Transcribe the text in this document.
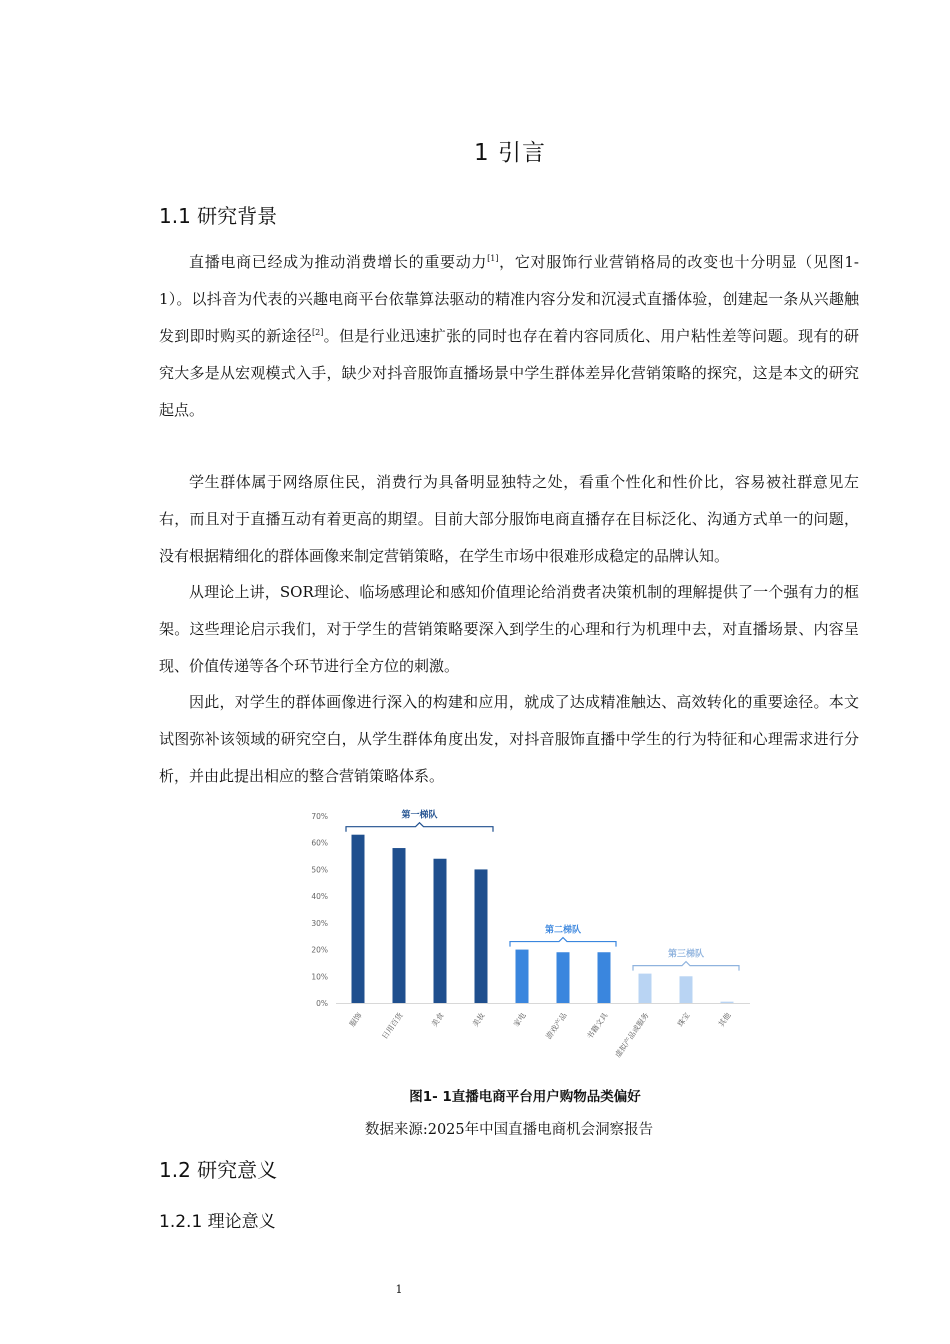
1 引言
1.1 研究背景

直播电商已经成为推动消费增长的重要动力[1]，它对服饰行业营销格局的改变也十分明显（见图1- 1）。以抖音为代表的兴趣电商平台依靠算法驱动的精准内容分发和沉浸式直播体验，创建起一条从兴趣触发到即时购买的新途径[2]。但是行业迅速扩张的同时也存在着内容同质化、用户粘性差等问题。现有的研究大多是从宏观模式入手，缺少对抖音服饰直播场景中学生群体差异化营销策略的探究，这是本文的研究起点。

学生群体属于网络原住民，消费行为具备明显独特之处，看重个性化和性价比，容易被社群意见左右，而且对于直播互动有着更高的期望。目前大部分服饰电商直播存在目标泛化、沟通方式单一的问题，没有根据精细化的群体画像来制定营销策略，在学生市场中很难形成稳定的品牌认知。

从理论上讲，SOR理论、临场感理论和感知价值理论给消费者决策机制的理解提供了一个强有力的框架。这些理论启示我们，对于学生的营销策略要深入到学生的心理和行为机理中去，对直播场景、内容呈现、价值传递等各个环节进行全方位的刺激。

因此，对学生的群体画像进行深入的构建和应用，就成了达成精准触达、高效转化的重要途径。本文试图弥补该领域的研究空白，从学生群体角度出发，对抖音服饰直播中学生的行为特征和心理需求进行分析，并由此提出相应的整合营销策略体系。

0%
10%
20%
30%
40%
50%
60%
70%
服饰 日用百货	美食	美妆	家电 游戏产品 书籍文具 虚拟产品或服务	珠宝	其他
第一梯队
第二梯队
第三梯队
图1- 1直播电商平台用户购物品类偏好
数据来源:2025年中国直播电商机会洞察报告
1.2 研究意义
1.2.1 理论意义
1
